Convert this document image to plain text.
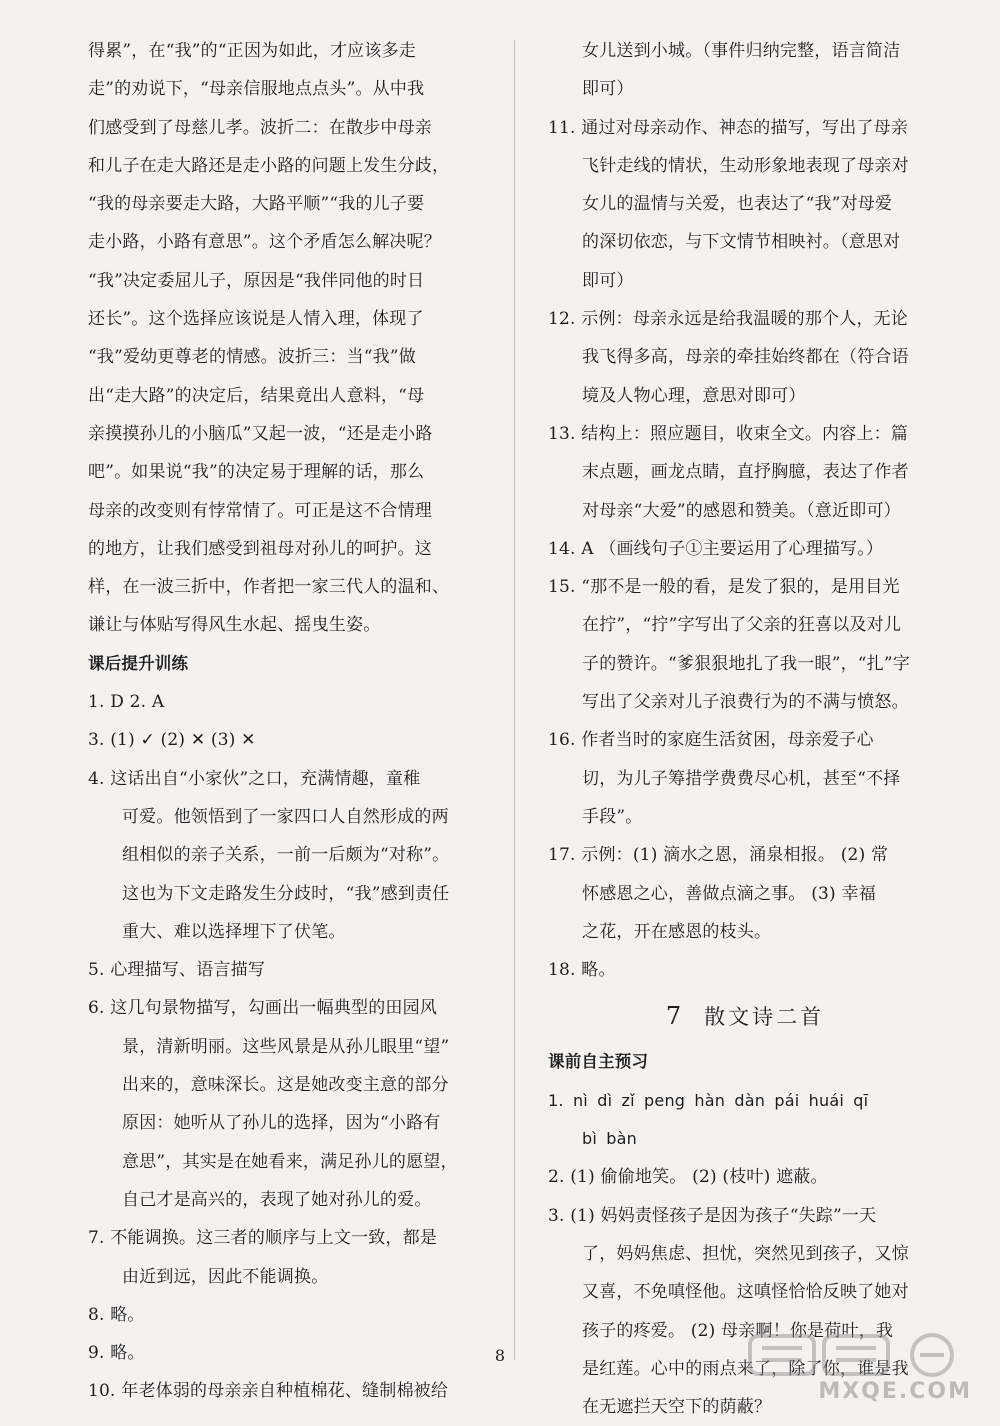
得累”，在“我”的“正因为如此，才应该多走
走”的劝说下，“母亲信服地点点头”。从中我
们感受到了母慈儿孝。波折二：在散步中母亲
和儿子在走大路还是走小路的问题上发生分歧，
“我的母亲要走大路，大路平顺”“我的儿子要
走小路，小路有意思”。这个矛盾怎么解决呢？
“我”决定委屈儿子，原因是“我伴同他的时日
还长”。这个选择应该说是人情入理，体现了
“我”爱幼更尊老的情感。波折三：当“我”做
出“走大路”的决定后，结果竟出人意料，“母
亲摸摸孙儿的小脑瓜”又起一波，“还是走小路
吧”。如果说“我”的决定易于理解的话，那么
母亲的改变则有悖常情了。可正是这不合情理
的地方，让我们感受到祖母对孙儿的呵护。这
样，在一波三折中，作者把一家三代人的温和、
谦让与体贴写得风生水起、摇曳生姿。
课后提升训练
1. D 2. A
3. (1) ✓ (2) ✕ (3) ✕
4. 这话出自“小家伙”之口，充满情趣，童稚
可爱。他领悟到了一家四口人自然形成的两
组相似的亲子关系，一前一后颇为“对称”。
这也为下文走路发生分歧时，“我”感到责任
重大、难以选择埋下了伏笔。
5. 心理描写、语言描写
6. 这几句景物描写，勾画出一幅典型的田园风
景，清新明丽。这些风景是从孙儿眼里“望”
出来的，意味深长。这是她改变主意的部分
原因：她听从了孙儿的选择，因为“小路有
意思”，其实是在她看来，满足孙儿的愿望，
自己才是高兴的，表现了她对孙儿的爱。
7. 不能调换。这三者的顺序与上文一致，都是
由近到远，因此不能调换。
8. 略。
9. 略。
10. 年老体弱的母亲亲自种植棉花、缝制棉被给
女儿送到小城。（事件归纳完整，语言简洁
即可）
11. 通过对母亲动作、神态的描写，写出了母亲
飞针走线的情状，生动形象地表现了母亲对
女儿的温情与关爱，也表达了“我”对母爱
的深切依恋，与下文情节相映衬。（意思对
即可）
12. 示例：母亲永远是给我温暖的那个人，无论
我飞得多高，母亲的牵挂始终都在（符合语
境及人物心理，意思对即可）
13. 结构上：照应题目，收束全文。内容上：篇
末点题，画龙点睛，直抒胸臆，表达了作者
对母亲“大爱”的感恩和赞美。（意近即可）
14. A （画线句子①主要运用了心理描写。）
15. “那不是一般的看，是发了狠的，是用目光
在拧”，“拧”字写出了父亲的狂喜以及对儿
子的赞许。“爹狠狠地扎了我一眼”，“扎”字
写出了父亲对儿子浪费行为的不满与愤怒。
16. 作者当时的家庭生活贫困，母亲爱子心
切，为儿子筹措学费费尽心机，甚至“不择
手段”。
17. 示例：(1) 滴水之恩，涌泉相报。 (2) 常
怀感恩之心，善做点滴之事。 (3) 幸福
之花，开在感恩的枝头。
18. 略。
7 散文诗二首
课前自主预习
1. nì dì zǐ peng hàn dàn pái huái qī
bì bàn
2. (1) 偷偷地笑。 (2) (枝叶) 遮蔽。
3. (1) 妈妈责怪孩子是因为孩子“失踪”一天
了，妈妈焦虑、担忧，突然见到孩子，又惊
又喜，不免嗔怪他。这嗔怪恰恰反映了她对
孩子的疼爱。 (2) 母亲啊！你是荷叶，我
是红莲。心中的雨点来了，除了你，谁是我
在无遮拦天空下的荫蔽？
8
MXQE.COM
